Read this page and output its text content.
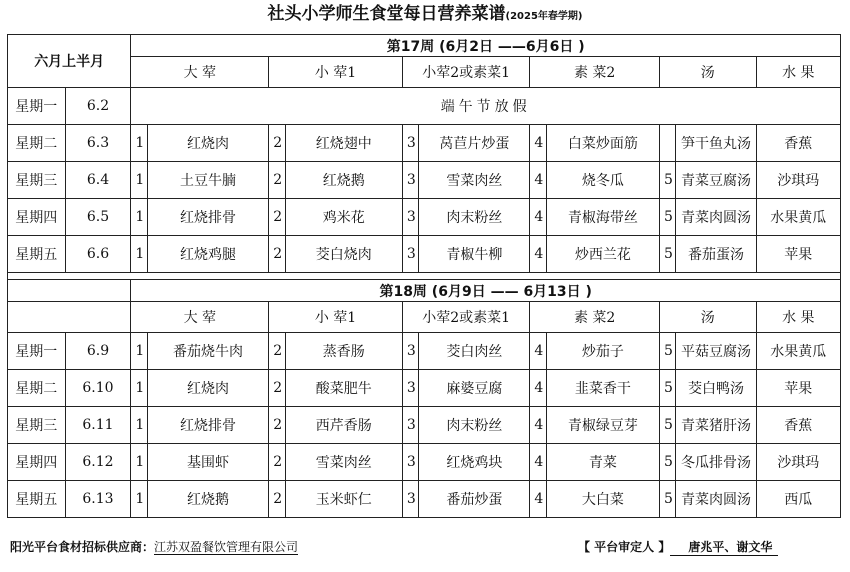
社头小学师生食堂每日营养菜谱(2025年春学期)
六月上半月		第17周 (6月2日 ——6月6日 )										
		大 荤		小 荤1		小荤2或素菜1		素 菜2		汤		水 果
星期一	6.2	端午节放假										
星期二	6.3	1	红烧肉	2	红烧翅中	3	莴苣片炒蛋	4	白菜炒面筋		笋干鱼丸汤	香蕉
星期三	6.4	1	土豆牛腩	2	红烧鹅	3	雪菜肉丝	4	烧冬瓜	5	青菜豆腐汤	沙琪玛
星期四	6.5	1	红烧排骨	2	鸡米花	3	肉末粉丝	4	青椒海带丝	5	青菜肉圆汤	水果黄瓜
星期五	6.6	1	红烧鸡腿	2	茭白烧肉	3	青椒牛柳	4	炒西兰花	5	番茄蛋汤	苹果

		第18周 (6月9日 —— 6月13日 )										
		大 荤		小 荤1		小荤2或素菜1		素 菜2		汤		水 果
星期一	6.9	1	番茄烧牛肉	2	蒸香肠	3	茭白肉丝	4	炒茄子	5	平菇豆腐汤	水果黄瓜
星期二	6.10	1	红烧肉	2	酸菜肥牛	3	麻婆豆腐	4	韭菜香干	5	茭白鸭汤	苹果
星期三	6.11	1	红烧排骨	2	西芹香肠	3	肉末粉丝	4	青椒绿豆芽	5	青菜猪肝汤	香蕉
星期四	6.12	1	基围虾	2	雪菜肉丝	3	红烧鸡块	4	青菜	5	冬瓜排骨汤	沙琪玛
星期五	6.13	1	红烧鹅	2	玉米虾仁	3	番茄炒蛋	4	大白菜	5	青菜肉圆汤	西瓜
阳光平台食材招标供应商：江苏双盈餐饮管理有限公司	【 平台审定人 】 唐兆平、谢文华
